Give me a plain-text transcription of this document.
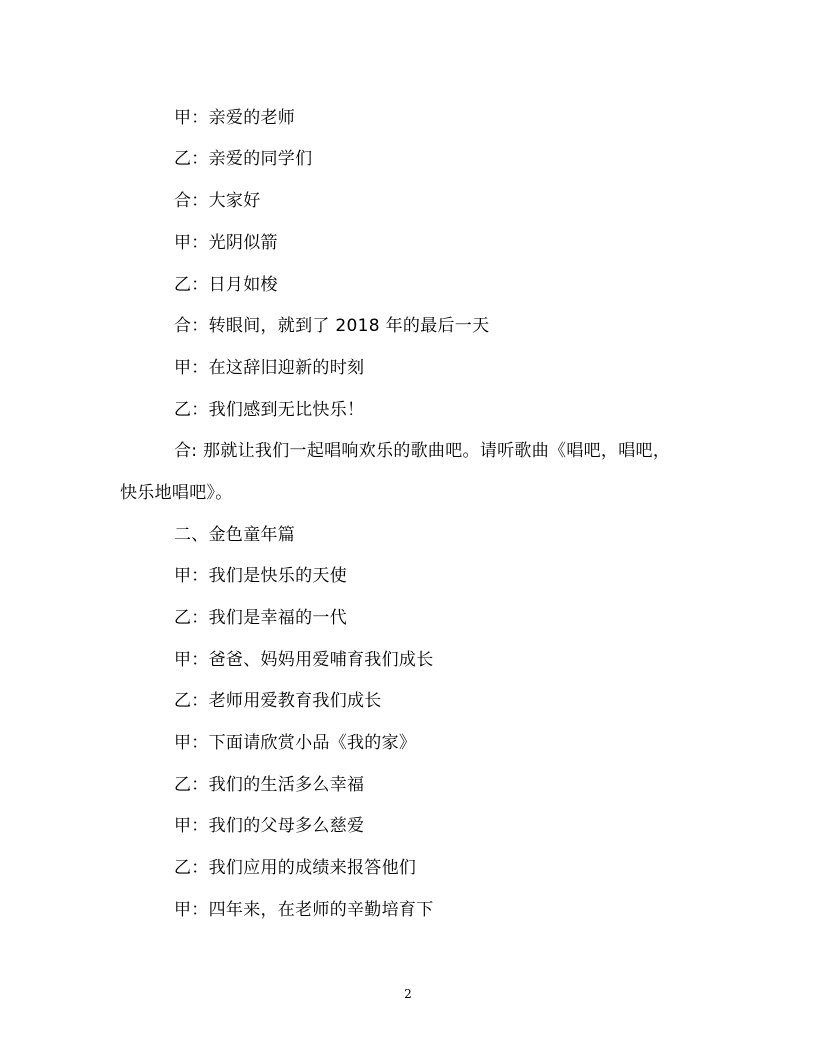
甲：亲爱的老师
乙：亲爱的同学们
合：大家好
甲：光阴似箭
乙：日月如梭
合：转眼间，就到了 2018 年的最后一天
甲：在这辞旧迎新的时刻
乙：我们感到无比快乐！
合: 那就让我们一起唱响欢乐的歌曲吧。请听歌曲《唱吧，唱吧，
快乐地唱吧》。
二、金色童年篇
甲：我们是快乐的天使
乙：我们是幸福的一代
甲：爸爸、妈妈用爱哺育我们成长
乙：老师用爱教育我们成长
甲：下面请欣赏小品《我的家》
乙：我们的生活多么幸福
甲：我们的父母多么慈爱
乙：我们应用的成绩来报答他们
甲：四年来，在老师的辛勤培育下
2
